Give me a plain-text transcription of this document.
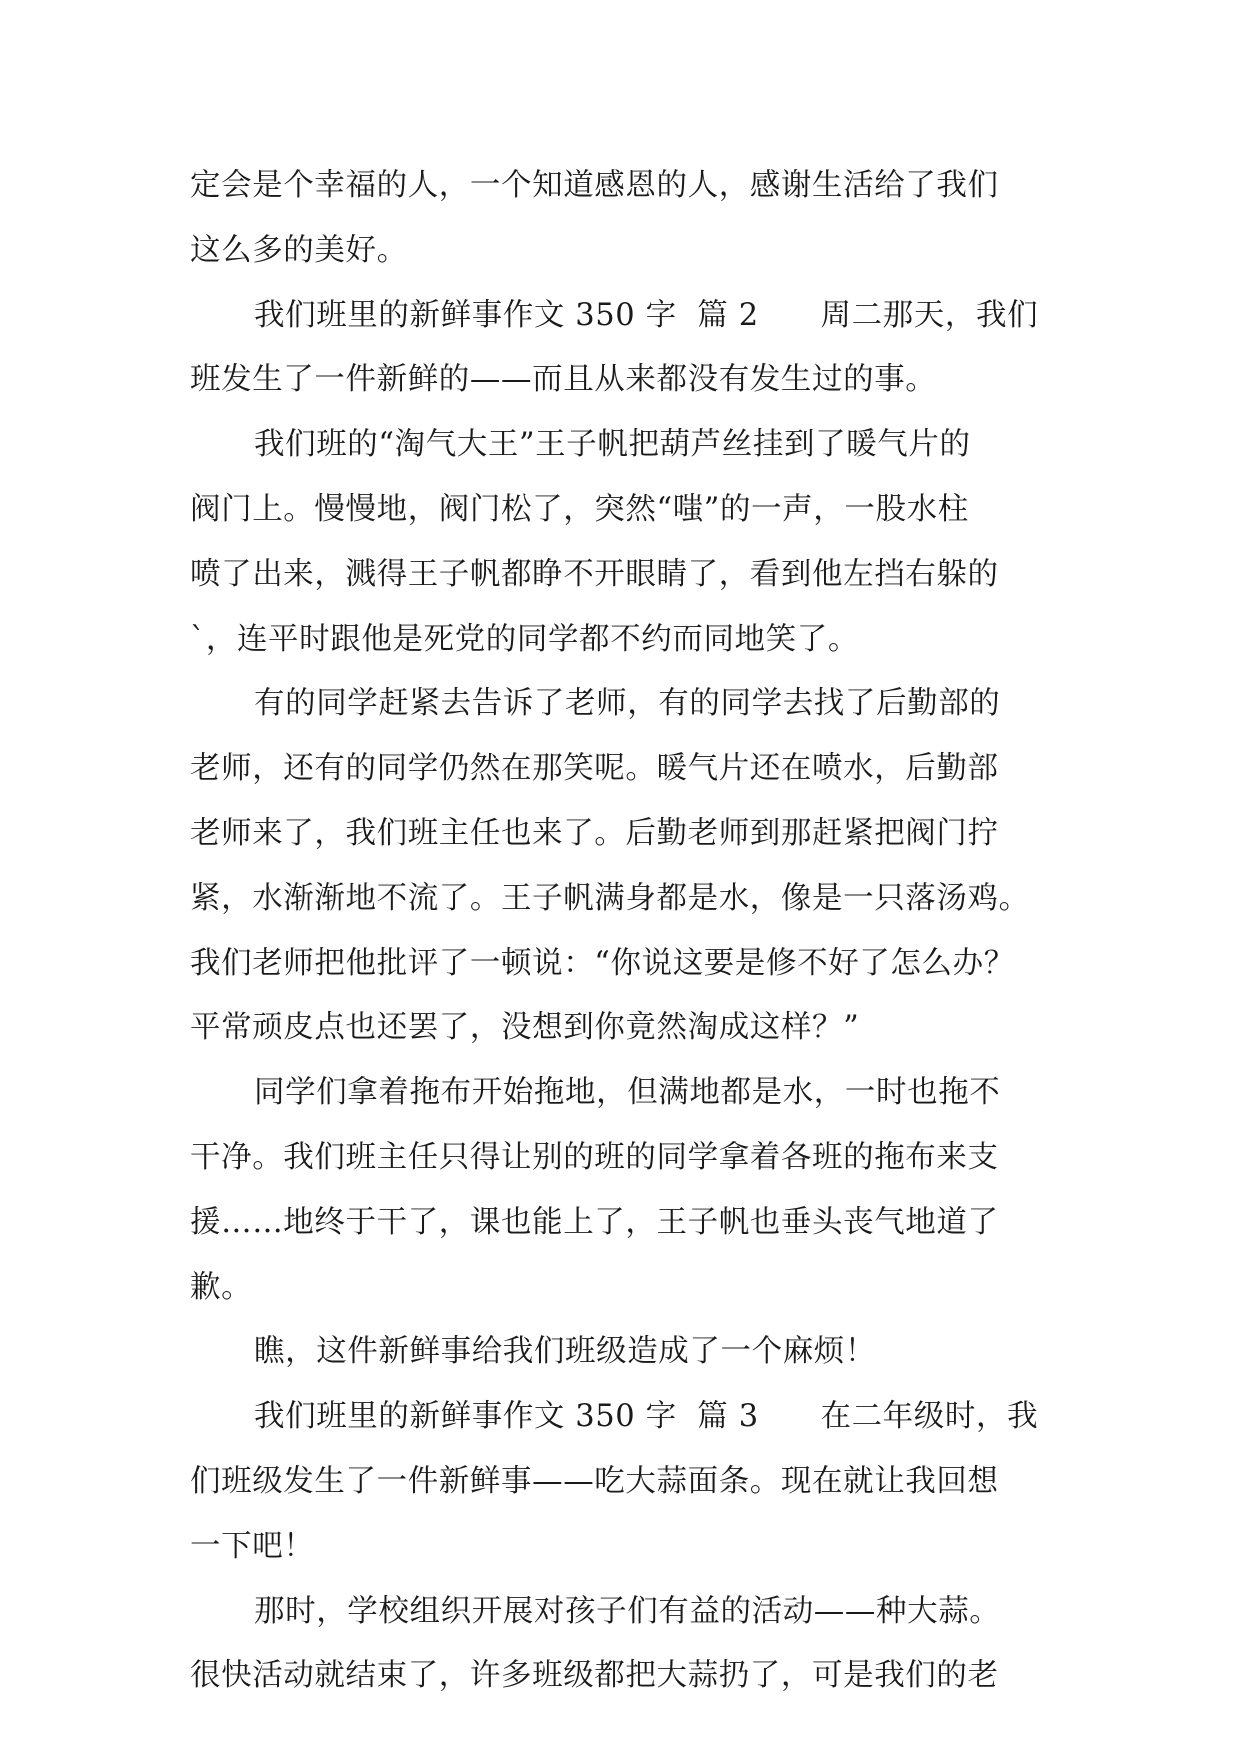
定会是个幸福的人，一个知道感恩的人，感谢生活给了我们
这么多的美好。
我们班里的新鲜事作文 350 字  篇 2      周二那天，我们
班发生了一件新鲜的——而且从来都没有发生过的事。
我们班的“淘气大王”王子帆把葫芦丝挂到了暖气片的
阀门上。慢慢地，阀门松了，突然“嗤”的一声，一股水柱
喷了出来，溅得王子帆都睁不开眼睛了，看到他左挡右躲的
`，连平时跟他是死党的同学都不约而同地笑了。
有的同学赶紧去告诉了老师，有的同学去找了后勤部的
老师，还有的同学仍然在那笑呢。暖气片还在喷水，后勤部
老师来了，我们班主任也来了。后勤老师到那赶紧把阀门拧
紧，水渐渐地不流了。王子帆满身都是水，像是一只落汤鸡。
我们老师把他批评了一顿说：“你说这要是修不好了怎么办？
平常顽皮点也还罢了，没想到你竟然淘成这样？”
同学们拿着拖布开始拖地，但满地都是水，一时也拖不
干净。我们班主任只得让别的班的同学拿着各班的拖布来支
援……地终于干了，课也能上了，王子帆也垂头丧气地道了
歉。
瞧，这件新鲜事给我们班级造成了一个麻烦！
我们班里的新鲜事作文 350 字  篇 3      在二年级时，我
们班级发生了一件新鲜事——吃大蒜面条。现在就让我回想
一下吧！
那时，学校组织开展对孩子们有益的活动——种大蒜。
很快活动就结束了，许多班级都把大蒜扔了，可是我们的老
